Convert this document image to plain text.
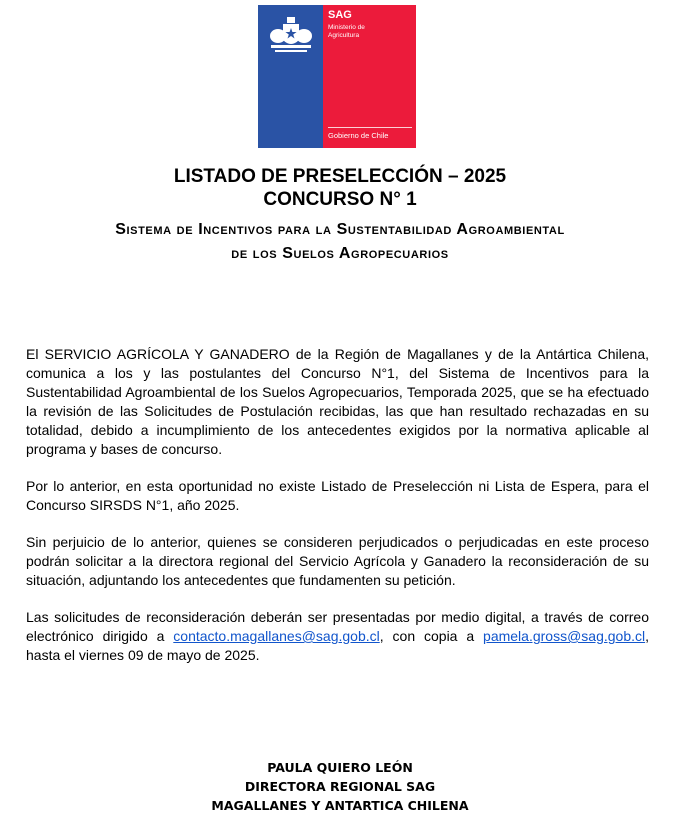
SAG
Ministerio de
Agricultura
Gobierno de Chile
LISTADO DE PRESELECCIÓN – 2025
CONCURSO N° 1
Sistema de Incentivos para la Sustentabilidad Agroambiental
de los Suelos Agropecuarios

El SERVICIO AGRÍCOLA Y GANADERO de la Región de Magallanes y de la Antártica Chilena, comunica a los y las postulantes del Concurso N°1, del Sistema de Incentivos para la Sustentabilidad Agroambiental de los Suelos Agropecuarios, Temporada 2025, que se ha efectuado la revisión de las Solicitudes de Postulación recibidas, las que han resultado rechazadas en su totalidad, debido a incumplimiento de los antecedentes exigidos por la normativa aplicable al programa y bases de concurso.

Por lo anterior, en esta oportunidad no existe Listado de Preselección ni Lista de Espera, para el Concurso SIRSDS N°1, año 2025.

Sin perjuicio de lo anterior, quienes se consideren perjudicados o perjudicadas en este proceso podrán solicitar a la directora regional del Servicio Agrícola y Ganadero la reconsideración de su situación, adjuntando los antecedentes que fundamenten su petición.

Las solicitudes de reconsideración deberán ser presentadas por medio digital, a través de correo electrónico dirigido a contacto.magallanes@sag.gob.cl, con copia a pamela.gross@sag.gob.cl, hasta el viernes 09 de mayo de 2025.

PAULA QUIERO LEÓN

DIRECTORA REGIONAL SAG

MAGALLANES Y ANTARTICA CHILENA
